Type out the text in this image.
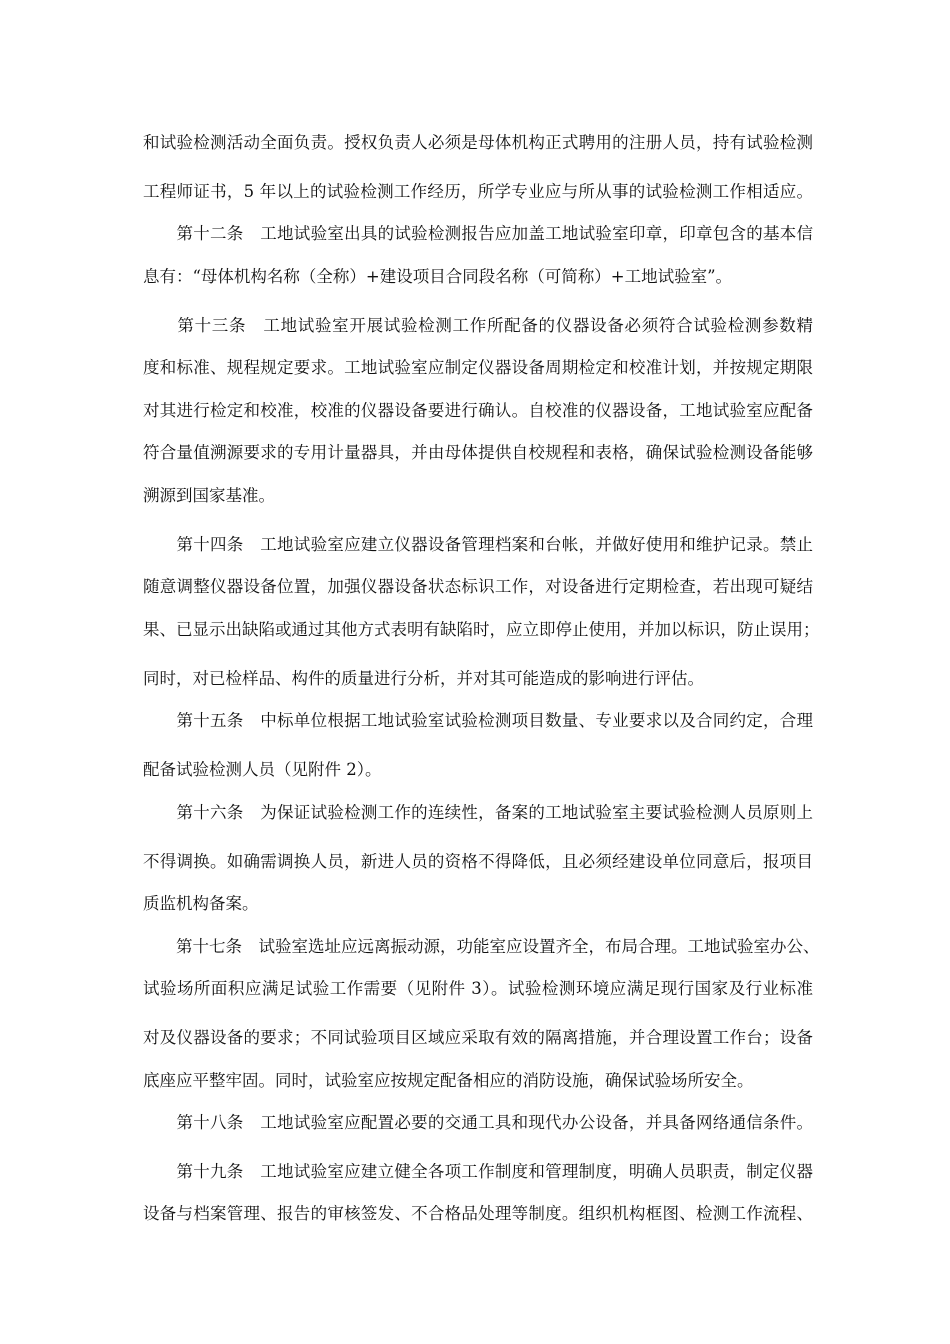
和试验检测活动全面负责。授权负责人必须是母体机构正式聘用的注册人员，持有试验检测
工程师证书，5 年以上的试验检测工作经历，所学专业应与所从事的试验检测工作相适应。
　　第十二条　工地试验室出具的试验检测报告应加盖工地试验室印章，印章包含的基本信
息有：“母体机构名称（全称）+建设项目合同段名称（可简称）+工地试验室”。
　　第十三条　工地试验室开展试验检测工作所配备的仪器设备必须符合试验检测参数精
度和标准、规程规定要求。工地试验室应制定仪器设备周期检定和校准计划，并按规定期限
对其进行检定和校准，校准的仪器设备要进行确认。自校准的仪器设备，工地试验室应配备
符合量值溯源要求的专用计量器具，并由母体提供自校规程和表格，确保试验检测设备能够
溯源到国家基准。
　　第十四条　工地试验室应建立仪器设备管理档案和台帐，并做好使用和维护记录。禁止
随意调整仪器设备位置，加强仪器设备状态标识工作，对设备进行定期检查，若出现可疑结
果、已显示出缺陷或通过其他方式表明有缺陷时，应立即停止使用，并加以标识，防止误用；
同时，对已检样品、构件的质量进行分析，并对其可能造成的影响进行评估。
　　第十五条　中标单位根据工地试验室试验检测项目数量、专业要求以及合同约定，合理
配备试验检测人员（见附件 2）。
　　第十六条　为保证试验检测工作的连续性，备案的工地试验室主要试验检测人员原则上
不得调换。如确需调换人员，新进人员的资格不得降低，且必须经建设单位同意后，报项目
质监机构备案。
　　第十七条　试验室选址应远离振动源，功能室应设置齐全，布局合理。工地试验室办公、
试验场所面积应满足试验工作需要（见附件 3）。试验检测环境应满足现行国家及行业标准
对及仪器设备的要求；不同试验项目区域应采取有效的隔离措施，并合理设置工作台；设备
底座应平整牢固。同时，试验室应按规定配备相应的消防设施，确保试验场所安全。
　　第十八条　工地试验室应配置必要的交通工具和现代办公设备，并具备网络通信条件。
　　第十九条　工地试验室应建立健全各项工作制度和管理制度，明确人员职责，制定仪器
设备与档案管理、报告的审核签发、不合格品处理等制度。组织机构框图、检测工作流程、
